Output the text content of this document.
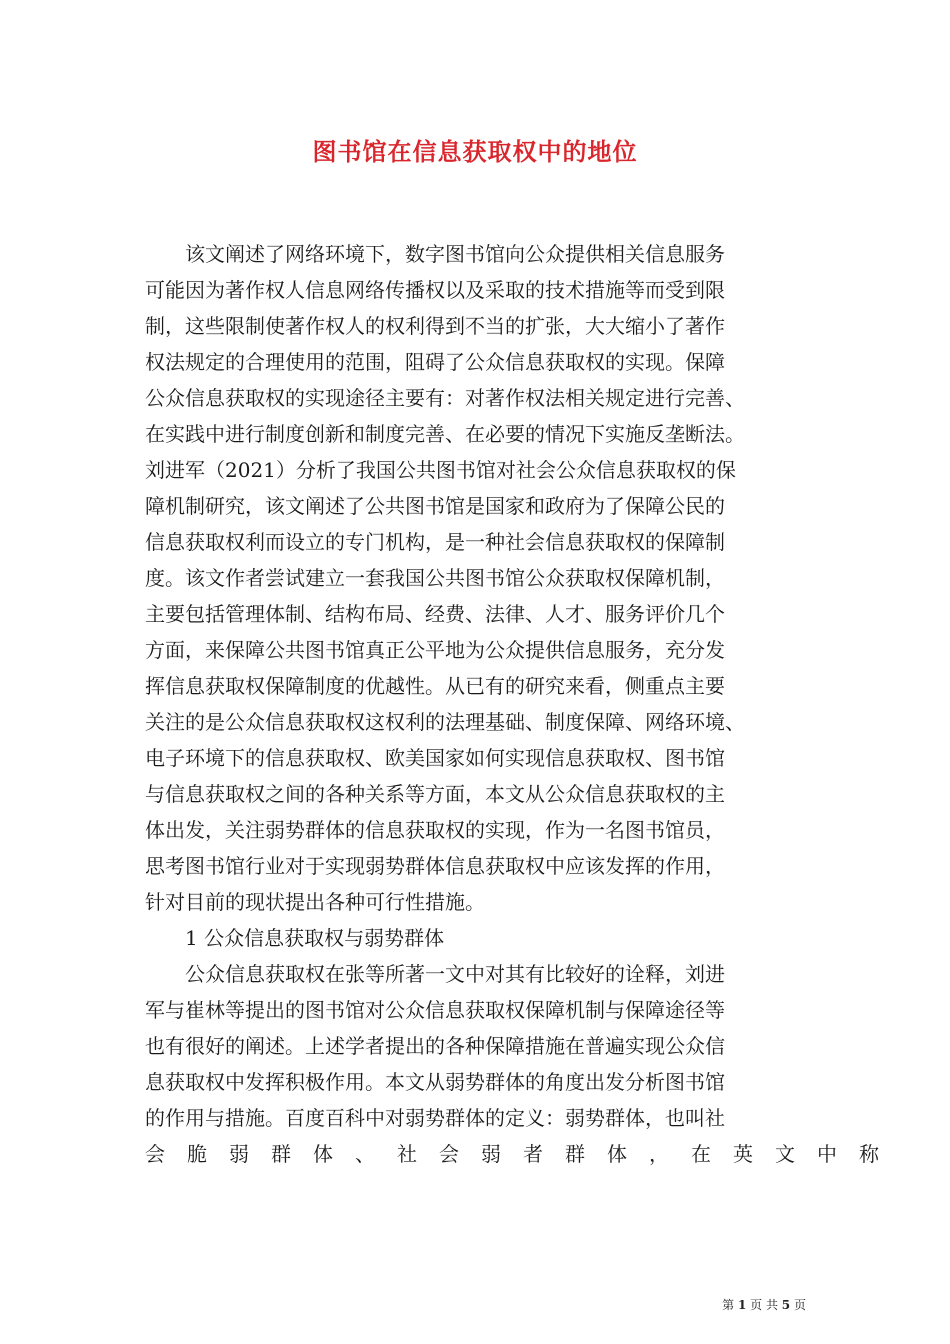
图书馆在信息获取权中的地位
该文阐述了网络环境下，数字图书馆向公众提供相关信息服务
可能因为著作权人信息网络传播权以及采取的技术措施等而受到限
制，这些限制使著作权人的权利得到不当的扩张，大大缩小了著作
权法规定的合理使用的范围，阻碍了公众信息获取权的实现。保障
公众信息获取权的实现途径主要有：对著作权法相关规定进行完善、
在实践中进行制度创新和制度完善、在必要的情况下实施反垄断法。
刘进军（2021）分析了我国公共图书馆对社会公众信息获取权的保
障机制研究，该文阐述了公共图书馆是国家和政府为了保障公民的
信息获取权利而设立的专门机构，是一种社会信息获取权的保障制
度。该文作者尝试建立一套我国公共图书馆公众获取权保障机制，
主要包括管理体制、结构布局、经费、法律、人才、服务评价几个
方面，来保障公共图书馆真正公平地为公众提供信息服务，充分发
挥信息获取权保障制度的优越性。从已有的研究来看，侧重点主要
关注的是公众信息获取权这权利的法理基础、制度保障、网络环境、
电子环境下的信息获取权、欧美国家如何实现信息获取权、图书馆
与信息获取权之间的各种关系等方面，本文从公众信息获取权的主
体出发，关注弱势群体的信息获取权的实现，作为一名图书馆员，
思考图书馆行业对于实现弱势群体信息获取权中应该发挥的作用，
针对目前的现状提出各种可行性措施。
1 公众信息获取权与弱势群体
公众信息获取权在张等所著一文中对其有比较好的诠释，刘进
军与崔林等提出的图书馆对公众信息获取权保障机制与保障途径等
也有很好的阐述。上述学者提出的各种保障措施在普遍实现公众信
息获取权中发挥积极作用。本文从弱势群体的角度出发分析图书馆
的作用与措施。百度百科中对弱势群体的定义：弱势群体，也叫社
会脆弱群体、社会弱者群体，在英文中称
第 1 页 共 5 页
